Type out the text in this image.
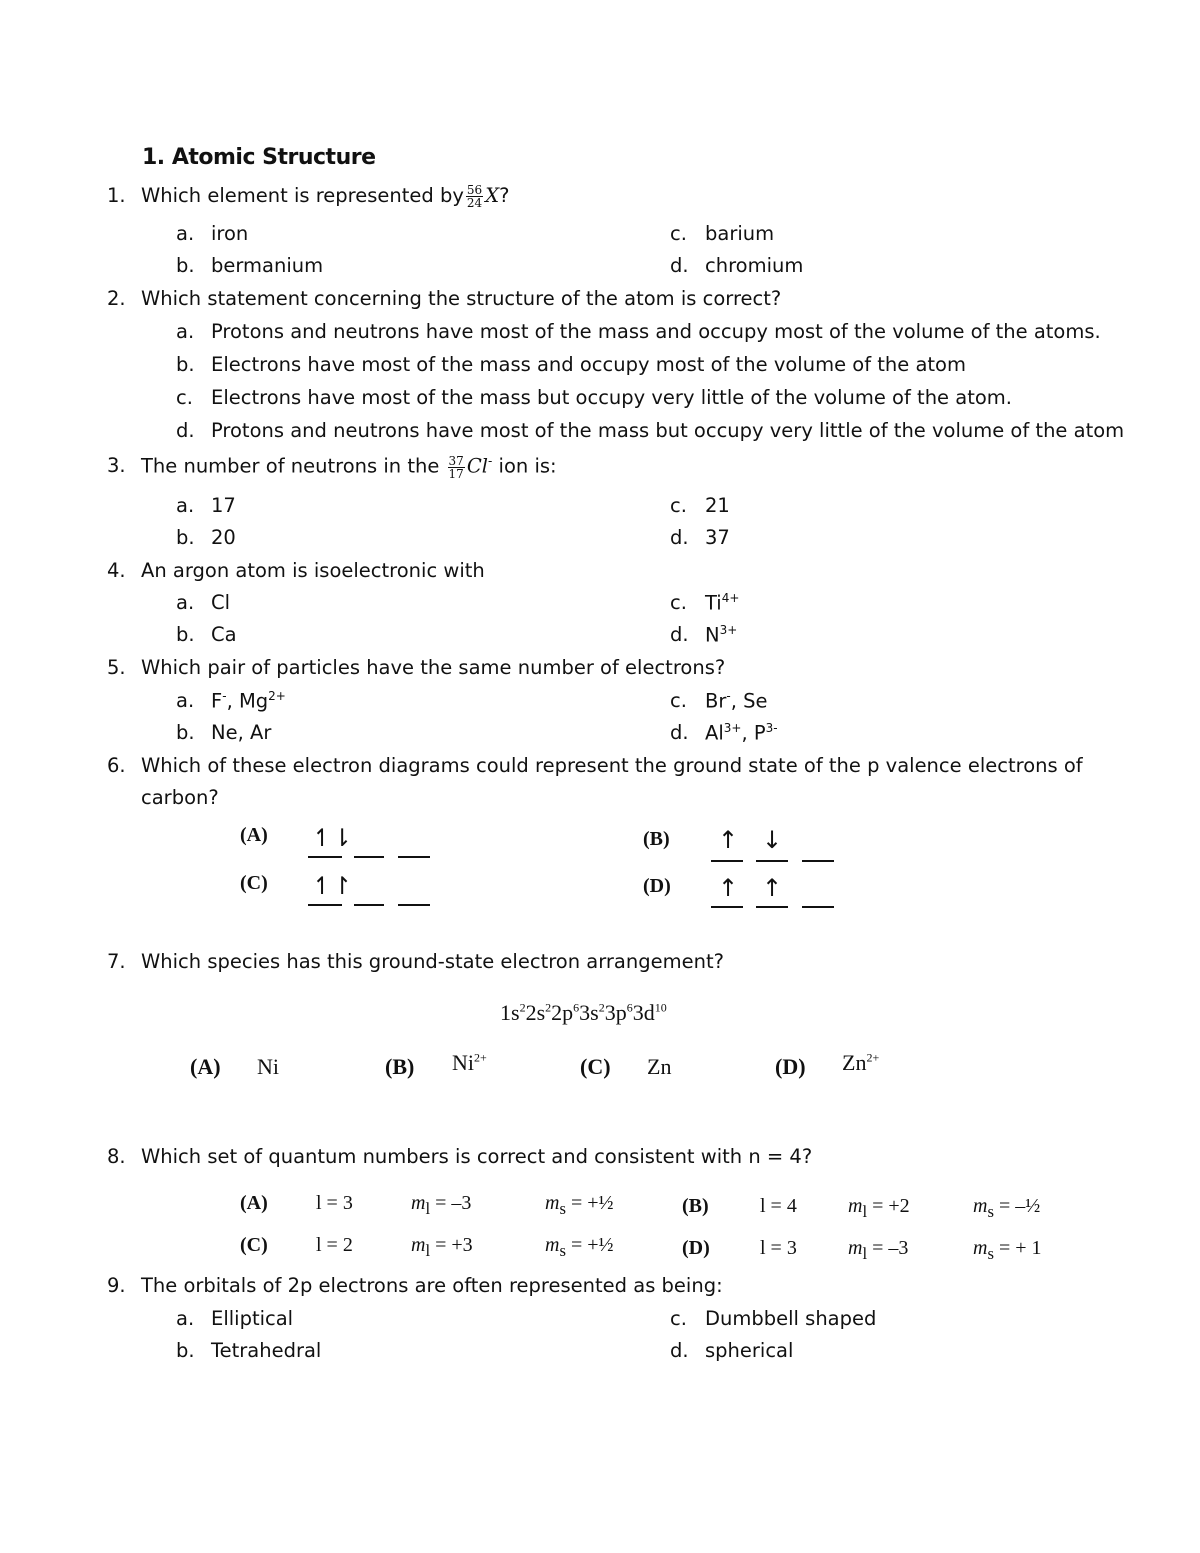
1. Atomic Structure
1. Which element is represented by $\frac{56}{24} X$?
a. iron
b. bermanium
c. barium
d. chromium
2. Which statement concerning the structure of the atom is correct?
a. Protons and neutrons have most of the mass and occupy most of the volume of the atoms.
b. Electrons have most of the mass and occupy most of the volume of the atom
c. Electrons have most of the mass but occupy very little of the volume of the atom.
d. Protons and neutrons have most of the mass but occupy very little of the volume of the atom
3. The number of neutrons in the $\frac{37}{17} Cl^-$ ion is:
a. 17
b. 20
c. 21
d. 37
4. An argon atom is isoelectronic with
a. Cl
b. Ca
c. $Ti^{4+}$
d. $N^{3+}$
5. Which pair of particles have the same number of electrons?
a. F-, $Mg^{2+}$
b. Ne, Ar
c. Br-, Se
d. $Al^{3+}$, $P^{3-}$
6. Which of these electron diagrams could represent the ground state of the p valence electrons of
carbon?
(A) ↿⇂	(B) ↑ ↓
(C) ↿↾	(D) ↑ ↑
7. Which species has this ground-state electron arrangement?
$1s^22s^22p^63s^23p^63d^{10}$
(A) Ni	(B) $Ni^{2+}$	(C) Zn	(D) $Zn^{2+}$
8. Which set of quantum numbers is correct and consistent with n = 4?
(A) l = 3	$m_l = -3$	$m_s$ = +½	(B)	l = 4	$m_l = +2$	$m_s$ = –½
(C) l = 2	$m_l = +3$	$m_s$ = +½	(D)	l = 3	$m_l = -3$	$m_s$ = + 1
9. The orbitals of 2p electrons are often represented as being:
a. Elliptical
b. Tetrahedral
c. Dumbbell shaped
d. spherical
